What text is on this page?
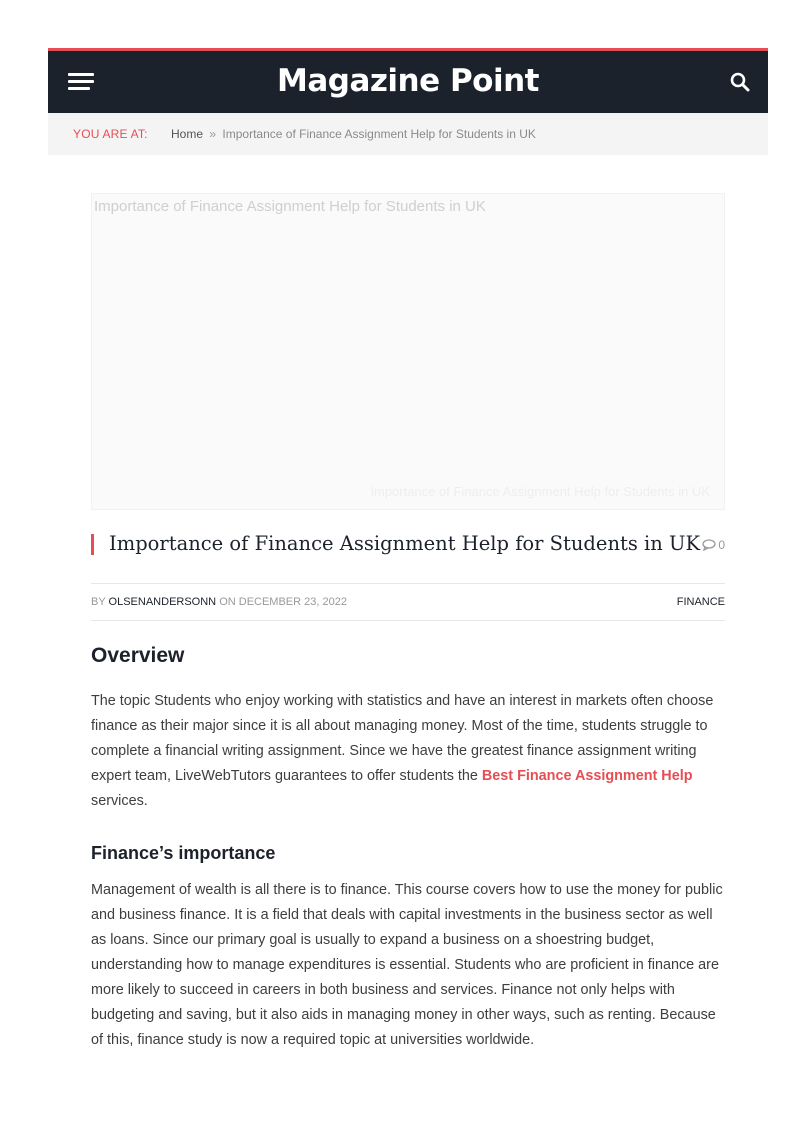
Magazine Point
YOU ARE AT: Home » Importance of Finance Assignment Help for Students in UK
Importance of Finance Assignment Help for Students in UK
Importance of Finance Assignment Help for Students in UK
Importance of Finance Assignment Help for Students in UK	0
BY OLSENANDERSONN ON DECEMBER 23, 2022	FINANCE
Overview

The topic Students who enjoy working with statistics and have an interest in markets often choose finance as their major since it is all about managing money. Most of the time, students struggle to complete a financial writing assignment. Since we have the greatest finance assignment writing expert team, LiveWebTutors guarantees to offer students the Best Finance Assignment Help services.

Finance’s importance

Management of wealth is all there is to finance. This course covers how to use the money for public and business finance. It is a field that deals with capital investments in the business sector as well as loans. Since our primary goal is usually to expand a business on a shoestring budget, understanding how to manage expenditures is essential. Students who are proficient in finance are more likely to succeed in careers in both business and services. Finance not only helps with budgeting and saving, but it also aids in managing money in other ways, such as renting. Because of this, finance study is now a required topic at universities worldwide.
